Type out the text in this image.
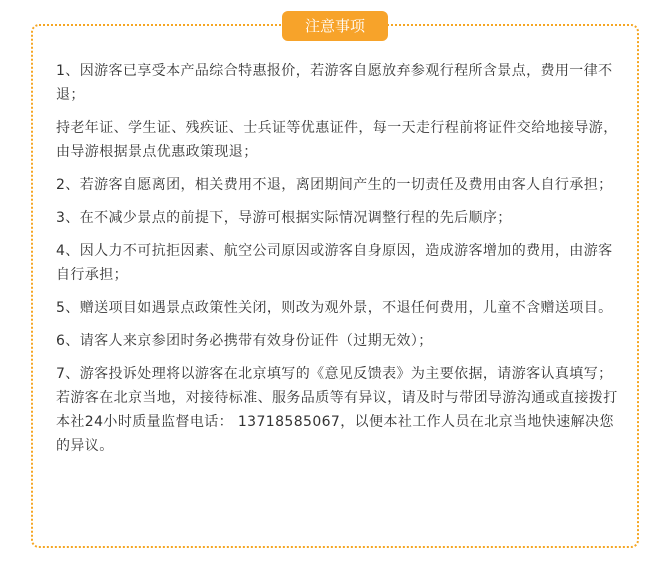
注意事项

1、因游客已享受本产品综合特惠报价，若游客自愿放弃参观行程所含景点，费用一律不退；

持老年证、学生证、残疾证、士兵证等优惠证件，每一天走行程前将证件交给地接导游，由导游根据景点优惠政策现退；

2、若游客自愿离团，相关费用不退，离团期间产生的一切责任及费用由客人自行承担；

3、在不减少景点的前提下，导游可根据实际情况调整行程的先后顺序；

4、因人力不可抗拒因素、航空公司原因或游客自身原因，造成游客增加的费用，由游客自行承担；

5、赠送项目如遇景点政策性关闭，则改为观外景，不退任何费用，儿童不含赠送项目。

6、请客人来京参团时务必携带有效身份证件（过期无效）；

7、游客投诉处理将以游客在北京填写的《意见反馈表》为主要依据，请游客认真填写；若游客在北京当地，对接待标准、服务品质等有异议，请及时与带团导游沟通或直接拨打本社24小时质量监督电话： 13718585067，以便本社工作人员在北京当地快速解决您的异议。
